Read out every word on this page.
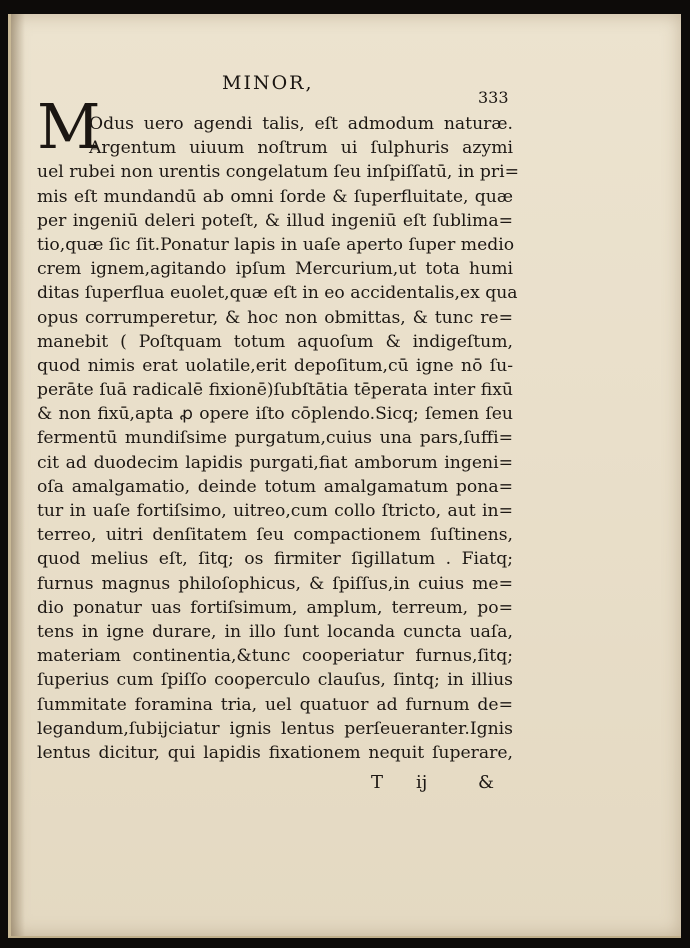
MINOR,
333
M
Odus uero agendi talis, eſt admodum naturæ.
Argentum uiuum noſtrum ui ſulphuris azymi
uel rubei non urentis congelatum ſeu inſpiſſatū, in pri=
mis eſt mundandū ab omni ſorde & ſuperfluitate, quæ
per ingeniū deleri poteſt, & illud ingeniū eſt ſublima=
tio,quæ ſic ſit.Ponatur lapis in uaſe aperto ſuper medio
crem ignem,agitando ipſum Mercurium,ut tota humi
ditas ſuperflua euolet,quæ eſt in eo accidentalis,ex qua
opus corrumperetur, & hoc non obmittas, & tunc re=
manebit ( Poſtquam totum aquoſum & indigeſtum,
quod nimis erat uolatile,erit depoſitum,cū igne nō ſu-
perāte ſuā radicalē fixionē)ſubſtātia tēperata inter fixū
& non fixū,apta ꝓ opere iſto cōplendo.Sicq; ſemen ſeu
fermentū mundiſsime purgatum,cuius una pars,ſuffi=
cit ad duodecim lapidis purgati,fiat amborum ingeni=
oſa amalgamatio, deinde totum amalgamatum pona=
tur in uaſe fortiſsimo, uitreo,cum collo ſtricto, aut in=
terreo, uitri denſitatem ſeu compactionem ſuſtinens,
quod melius eſt, ſitq; os firmiter ſigillatum . Fiatq;
furnus magnus philoſophicus, & ſpiſſus,in cuius me=
dio ponatur uas fortiſsimum, amplum, terreum, po=
tens in igne durare, in illo ſunt locanda cuncta uaſa,
materiam continentia,&tunc cooperiatur furnus,ſitq;
ſuperius cum ſpiſſo cooperculo clauſus, ſintq; in illius
ſummitate foramina tria, uel quatuor ad furnum de=
legandum,ſubijciatur ignis lentus perſeueranter.Ignis
lentus dicitur, qui lapidis fixationem nequit ſuperare,
T ij	&
